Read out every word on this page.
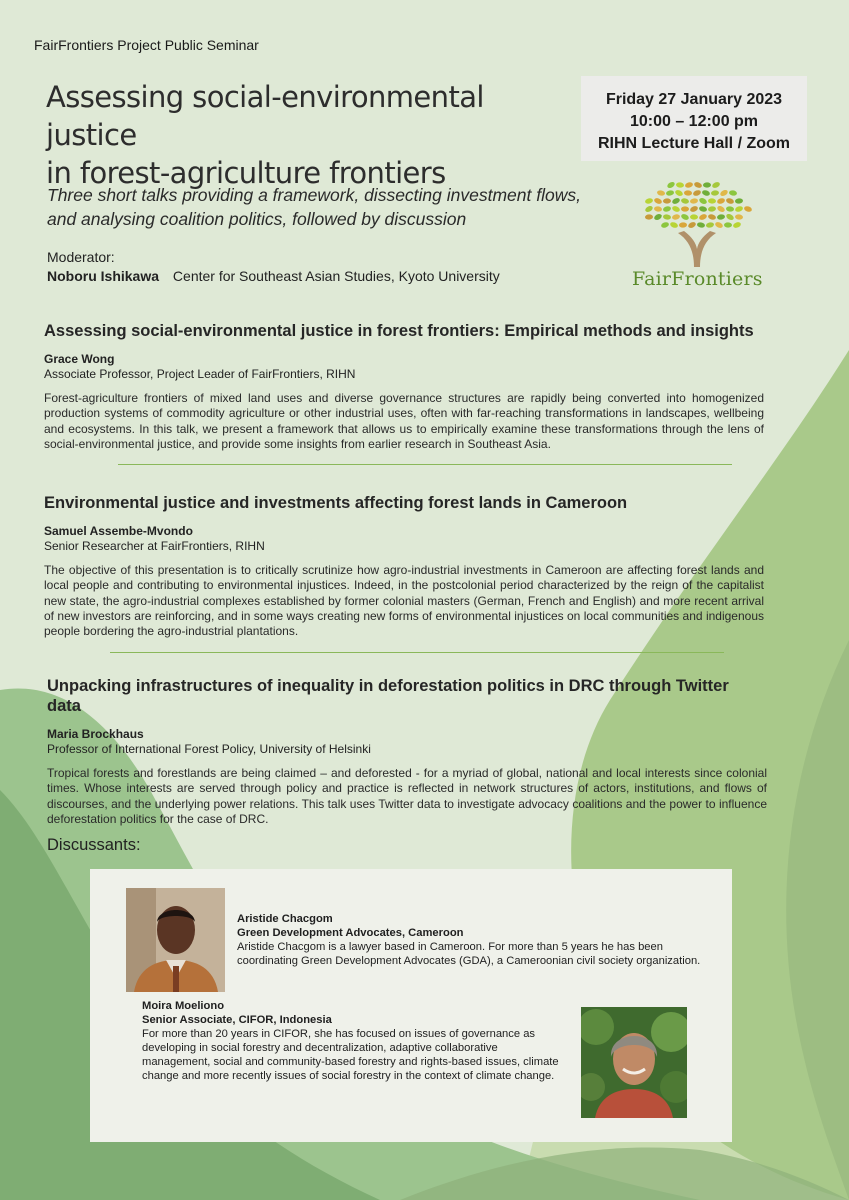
FairFrontiers Project Public Seminar
Assessing social-environmental justice
in forest-agriculture frontiers
Friday 27 January 2023
10:00 – 12:00 pm
RIHN Lecture Hall / Zoom
Three short talks providing a framework, dissecting investment flows,
and analysing coalition politics, followed by discussion
Moderator:
Noboru Ishikawa Center for Southeast Asian Studies, Kyoto University	FairFrontiers
Assessing social-environmental justice in forest frontiers: Empirical methods and insights
Grace Wong
Associate Professor, Project Leader of FairFrontiers, RIHN
Forest-agriculture frontiers of mixed land uses and diverse governance structures are rapidly being converted into homogenized production systems of commodity agriculture or other industrial uses, often with far-reaching transformations in landscapes, wellbeing and ecosystems. In this talk, we present a framework that allows us to empirically examine these transformations through the lens of social-environmental justice, and provide some insights from earlier research in Southeast Asia.
Environmental justice and investments affecting forest lands in Cameroon
Samuel Assembe-Mvondo
Senior Researcher at FairFrontiers, RIHN
The objective of this presentation is to critically scrutinize how agro-industrial investments in Cameroon are affecting forest lands and local people and contributing to environmental injustices. Indeed, in the postcolonial period characterized by the reign of the capitalist new state, the agro-industrial complexes established by former colonial masters (German, French and English) and more recent arrival of new investors are reinforcing, and in some ways creating new forms of environmental injustices on local communities and indigenous people bordering the agro-industrial plantations.
Unpacking infrastructures of inequality in deforestation politics in DRC through Twitter data
Maria Brockhaus
Professor of International Forest Policy, University of Helsinki
Tropical forests and forestlands are being claimed – and deforested - for a myriad of global, national and local interests since colonial times. Whose interests are served through policy and practice is reflected in network structures of actors, institutions, and flows of discourses, and the underlying power relations. This talk uses Twitter data to investigate advocacy coalitions and the power to influence deforestation politics for the case of DRC.
Discussants:
Aristide Chacgom
Green Development Advocates, Cameroon
Aristide Chacgom is a lawyer based in Cameroon. For more than 5 years he has been coordinating Green Development Advocates (GDA), a Cameroonian civil society organization.
Moira Moeliono
Senior Associate, CIFOR, Indonesia
For more than 20 years in CIFOR, she has focused on issues of governance as developing in social forestry and decentralization, adaptive collaborative management, social and community-based forestry and rights-based issues, climate change and more recently issues of social forestry in the context of climate change.
